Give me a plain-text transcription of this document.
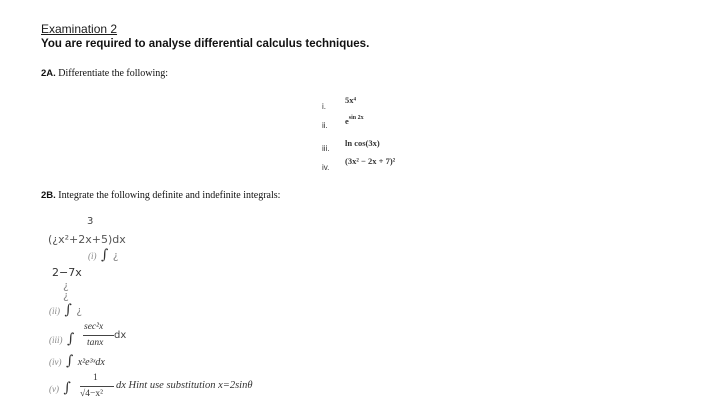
Examination 2
You are required to analyse differential calculus techniques.
2A. Differentiate the following:
i.
5x⁴
ii. $e^{sin 2x}$
iii.
ln cos(3x)
iv.
(3x² − 2x + 7)²
2B. Integrate the following definite and indefinite integrals:
3
(¿x²+2x+5)dx
(i) ∫ ¿
2−7x
¿
¿
(ii) ∫ ¿
(iii) ∫
sec²x
tanx
dx
(iv) ∫ x²e³ˣdx
(v) ∫
1
√4−x²
dx Hint use substitution x=2sinθ
